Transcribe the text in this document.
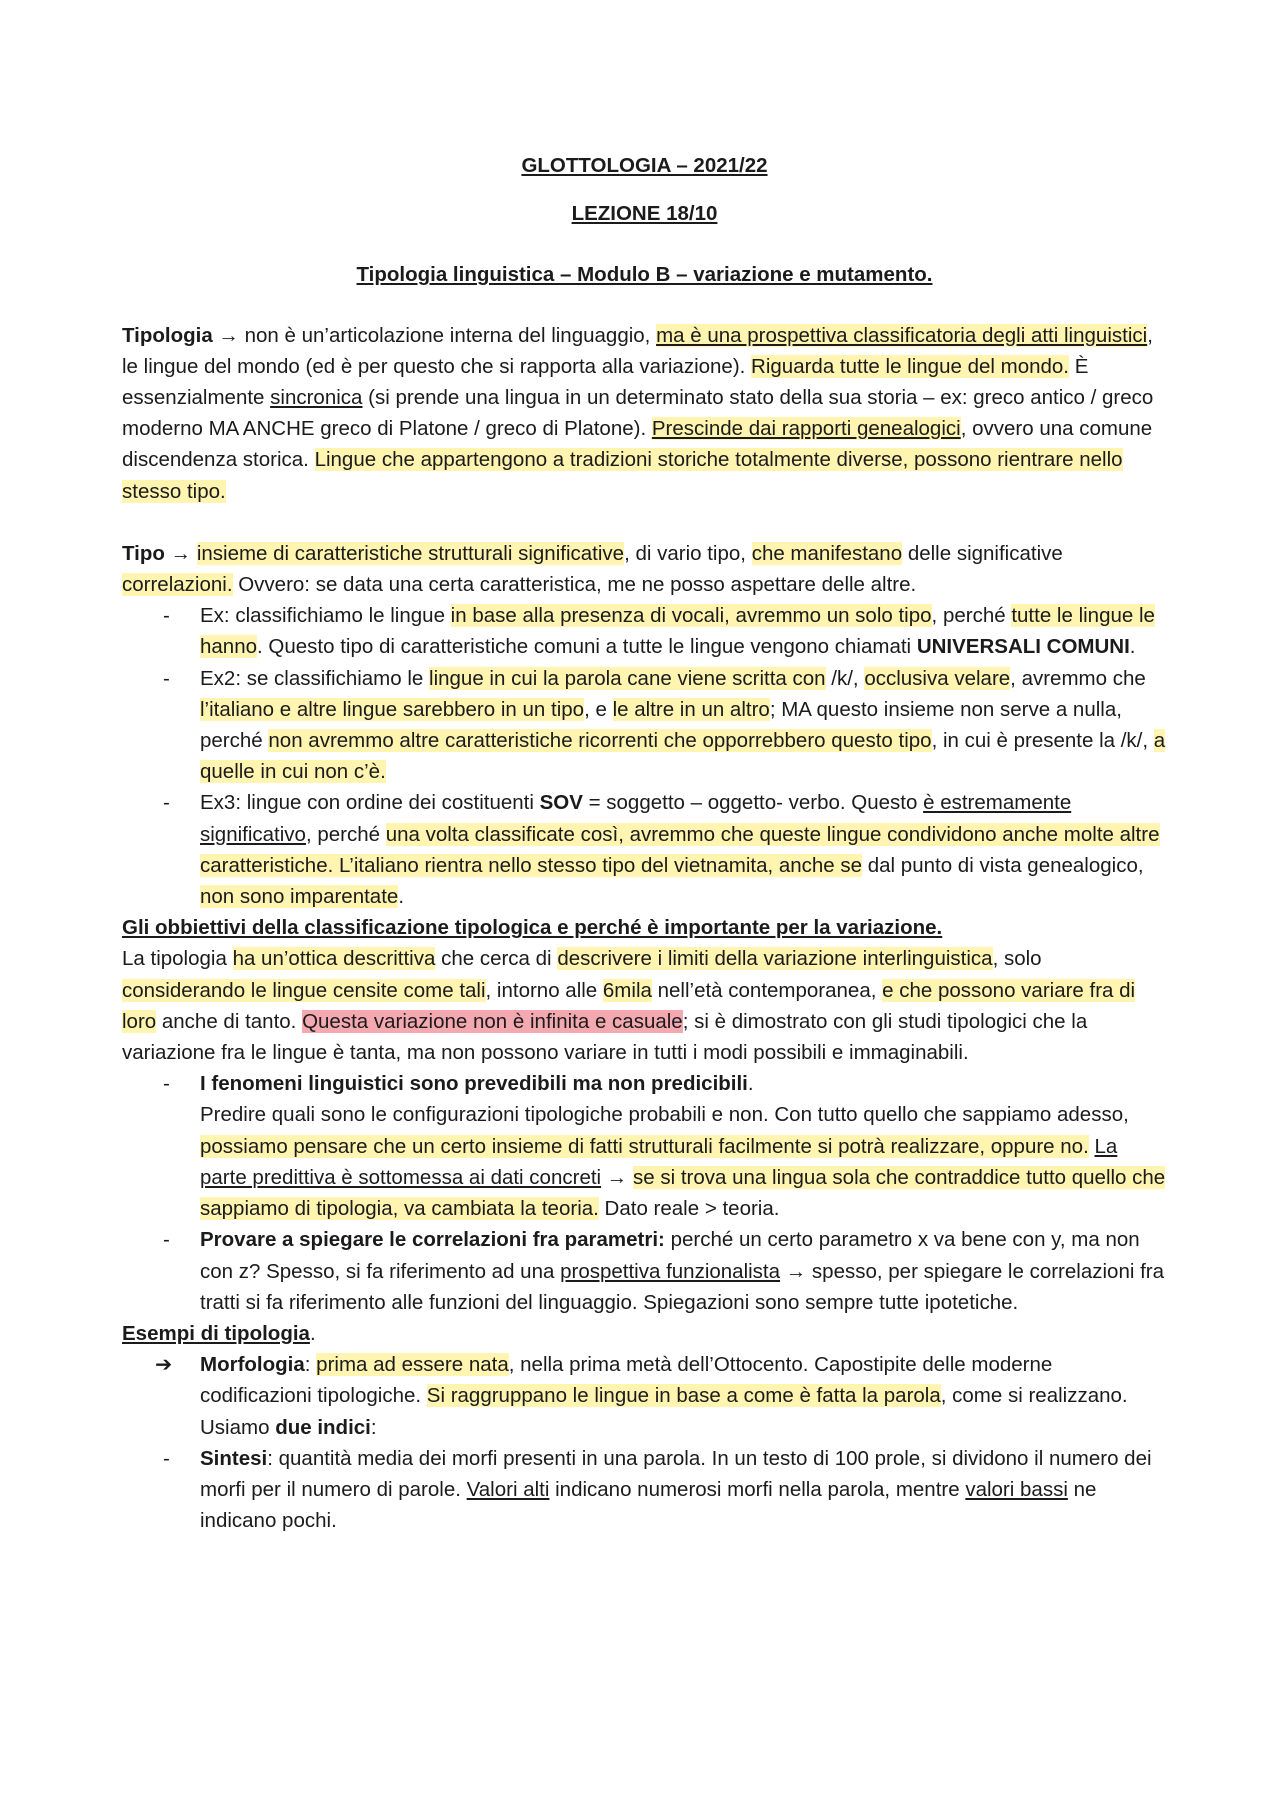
GLOTTOLOGIA – 2021/22
LEZIONE 18/10
Tipologia linguistica – Modulo B – variazione e mutamento.

Tipologia → non è un’articolazione interna del linguaggio, ma è una prospettiva classificatoria degli atti linguistici, le lingue del mondo (ed è per questo che si rapporta alla variazione). Riguarda tutte le lingue del mondo. È essenzialmente sincronica (si prende una lingua in un determinato stato della sua storia – ex: greco antico / greco moderno MA ANCHE greco di Platone / greco di Platone). Prescinde dai rapporti genealogici, ovvero una comune discendenza storica. Lingue che appartengono a tradizioni storiche totalmente diverse, possono rientrare nello stesso tipo.

Tipo → insieme di caratteristiche strutturali significative, di vario tipo, che manifestano delle significative correlazioni. Ovvero: se data una certa caratteristica, me ne posso aspettare delle altre.

- Ex: classifichiamo le lingue in base alla presenza di vocali, avremmo un solo tipo, perché tutte le lingue le hanno. Questo tipo di caratteristiche comuni a tutte le lingue vengono chiamati UNIVERSALI COMUNI.
- Ex2: se classifichiamo le lingue in cui la parola cane viene scritta con /k/, occlusiva velare, avremmo che l’italiano e altre lingue sarebbero in un tipo, e le altre in un altro; MA questo insieme non serve a nulla, perché non avremmo altre caratteristiche ricorrenti che opporrebbero questo tipo, in cui è presente la /k/, a quelle in cui non c’è.
- Ex3: lingue con ordine dei costituenti SOV = soggetto – oggetto- verbo. Questo è estremamente significativo, perché una volta classificate così, avremmo che queste lingue condividono anche molte altre caratteristiche. L’italiano rientra nello stesso tipo del vietnamita, anche se dal punto di vista genealogico, non sono imparentate.

Gli obbiettivi della classificazione tipologica e perché è importante per la variazione.

La tipologia ha un’ottica descrittiva che cerca di descrivere i limiti della variazione interlinguistica, solo considerando le lingue censite come tali, intorno alle 6mila nell’età contemporanea, e che possono variare fra di loro anche di tanto. Questa variazione non è infinita e casuale; si è dimostrato con gli studi tipologici che la variazione fra le lingue è tanta, ma non possono variare in tutti i modi possibili e immaginabili.

- I fenomeni linguistici sono prevedibili ma non predicibili.
Predire quali sono le configurazioni tipologiche probabili e non. Con tutto quello che sappiamo adesso, possiamo pensare che un certo insieme di fatti strutturali facilmente si potrà realizzare, oppure no. La parte predittiva è sottomessa ai dati concreti → se si trova una lingua sola che contraddice tutto quello che sappiamo di tipologia, va cambiata la teoria. Dato reale > teoria.
- Provare a spiegare le correlazioni fra parametri: perché un certo parametro x va bene con y, ma non con z? Spesso, si fa riferimento ad una prospettiva funzionalista → spesso, per spiegare le correlazioni fra tratti si fa riferimento alle funzioni del linguaggio. Spiegazioni sono sempre tutte ipotetiche.

Esempi di tipologia.

➔ Morfologia: prima ad essere nata, nella prima metà dell’Ottocento. Capostipite delle moderne codificazioni tipologiche. Si raggruppano le lingue in base a come è fatta la parola, come si realizzano. Usiamo due indici:
- Sintesi: quantità media dei morfi presenti in una parola. In un testo di 100 prole, si dividono il numero dei morfi per il numero di parole. Valori alti indicano numerosi morfi nella parola, mentre valori bassi ne indicano pochi.
